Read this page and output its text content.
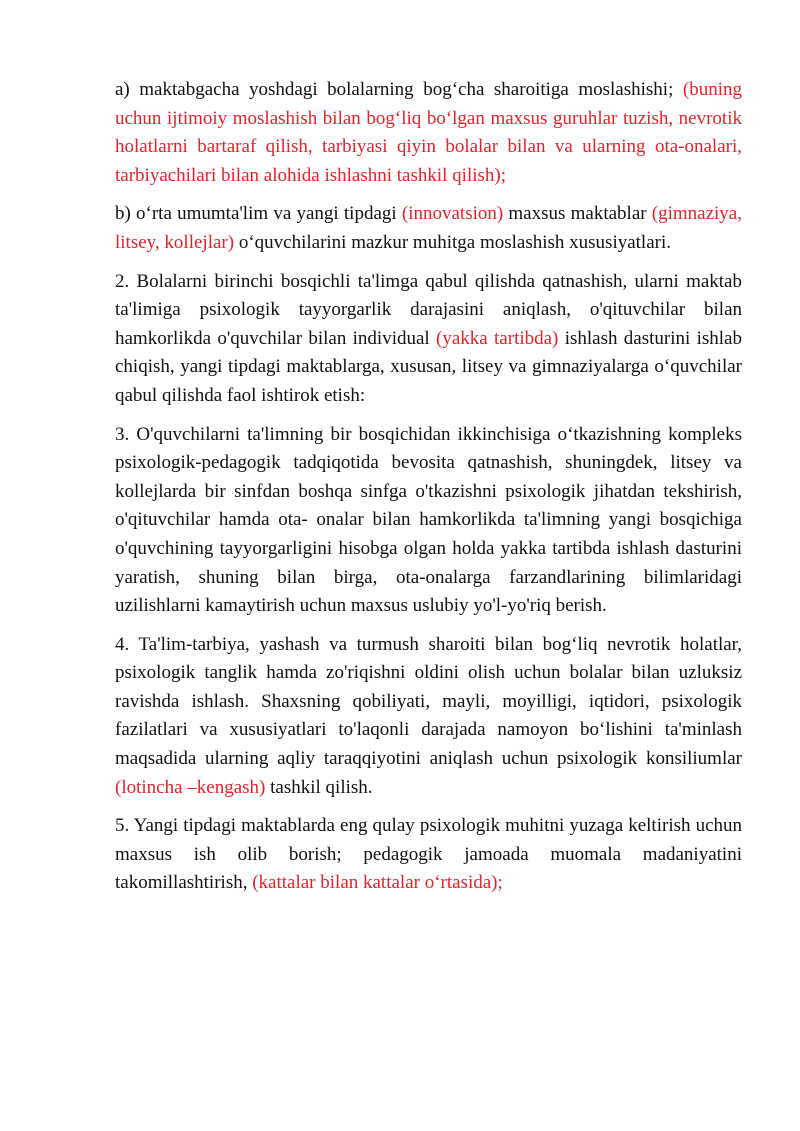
a) maktabgacha yoshdagi bolalarning bog‘cha sharoitiga moslashishi; (buning uchun ijtimoiy moslashish bilan bog‘liq bo‘lgan maxsus guruhlar tuzish, nevrotik holatlarni bartaraf qilish, tarbiyasi qiyin bolalar bilan va ularning ota-onalari, tarbiyachilari bilan alohida ishlashni tashkil qilish);

b) o‘rta umumta'lim va yangi tipdagi (innovatsion) maxsus maktablar (gimnaziya, litsey, kollejlar) o‘quvchilarini mazkur muhitga moslashish xususiyatlari.

2. Bolalarni birinchi bosqichli ta'limga qabul qilishda qatnashish, ularni maktab ta'limiga psixologik tayyorgarlik darajasini aniqlash, o'qituvchilar bilan hamkorlikda o'quvchilar bilan individual (yakka tartibda) ishlash dasturini ishlab chiqish, yangi tipdagi maktablarga, xususan, litsey va gimnaziyalarga o‘quvchilar qabul qilishda faol ishtirok etish:

3. O'quvchilarni ta'limning bir bosqichidan ikkinchisiga o‘tkazishning kompleks psixologik-pedagogik tadqiqotida bevosita qatnashish, shuningdek, litsey va kollejlarda bir sinfdan boshqa sinfga o'tkazishni psixologik jihatdan tekshirish, o'qituvchilar hamda ota- onalar bilan hamkorlikda ta'limning yangi bosqichiga o'quvchining tayyorgarligini hisobga olgan holda yakka tartibda ishlash dasturini yaratish, shuning bilan birga, ota-onalarga farzandlarining bilimlaridagi uzilishlarni kamaytirish uchun maxsus uslubiy yo'l-yo'riq berish.

4. Ta'lim-tarbiya, yashash va turmush sharoiti bilan bog‘liq nevrotik holatlar, psixologik tanglik hamda zo'riqishni oldini olish uchun bolalar bilan uzluksiz ravishda ishlash. Shaxsning qobiliyati, mayli, moyilligi, iqtidori, psixologik fazilatlari va xususiyatlari to'laqonli darajada namoyon bo‘lishini ta'minlash maqsadida ularning aqliy taraqqiyotini aniqlash uchun psixologik konsiliumlar (lotincha –kengash) tashkil qilish.

5. Yangi tipdagi maktablarda eng qulay psixologik muhitni yuzaga keltirish uchun maxsus ish olib borish; pedagogik jamoada muomala madaniyatini takomillashtirish, (kattalar bilan kattalar o‘rtasida);
